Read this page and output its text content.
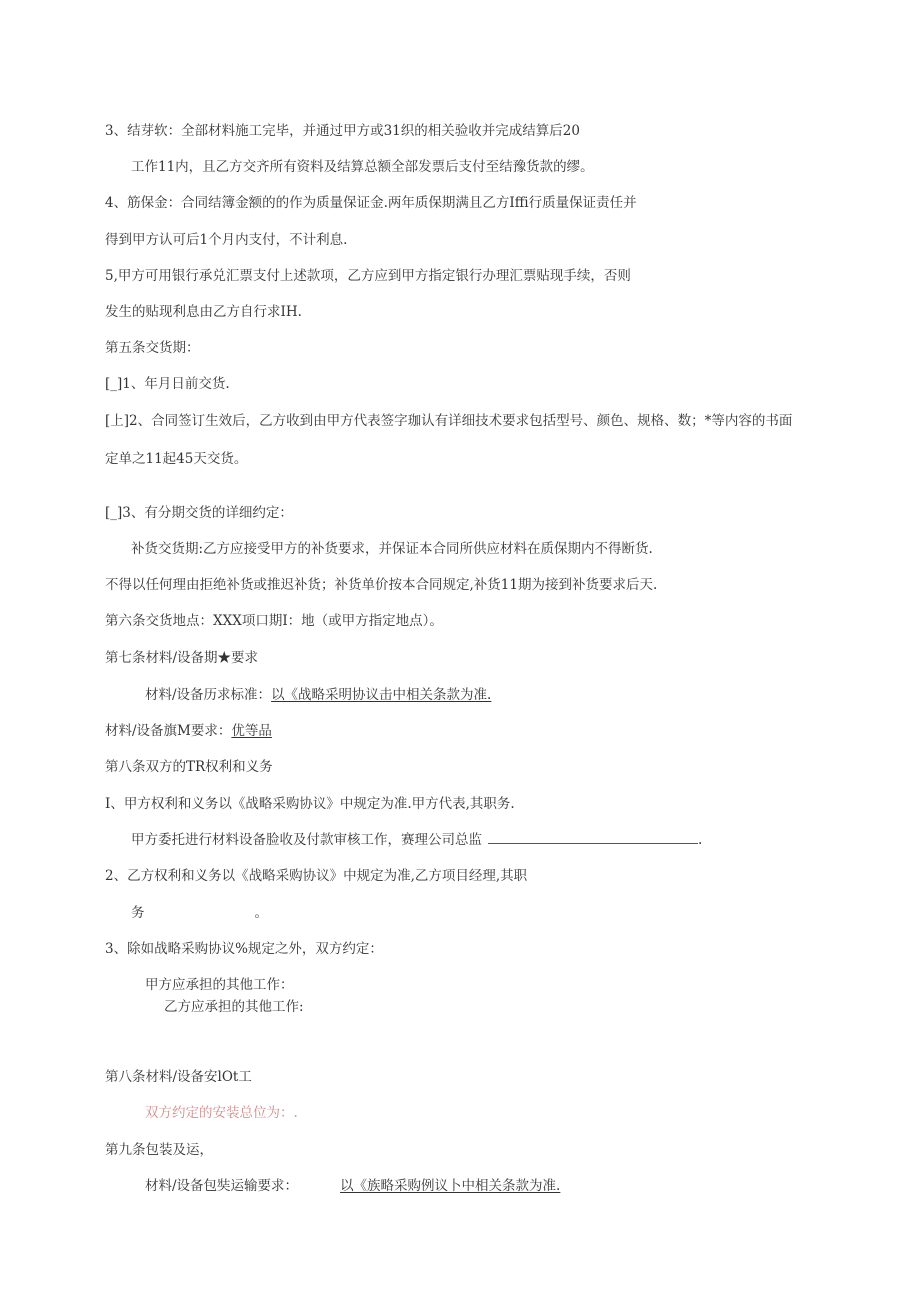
3、结芽软：全部材料施工完毕，并通过甲方或31织的相关验收并完成结算后20
工作11内，且乙方交齐所有资料及结算总额全部发票后支付至结豫货款的缪。
4、筋保金：合同结簿金额的的作为质量保证金.两年质保期满且乙方Iffi行质量保证责任并
得到甲方认可后1个月内支付，不计利息.
5,甲方可用银行承兑汇票支付上述款项，乙方应到甲方指定银行办理汇票贴现手续，否则
发生的贴现利息由乙方自行求IH.
第五条交货期：
[_]1、年月日前交货.
[上]2、合同签订生效后，乙方收到由甲方代表签字珈认有详细技术要求包括型号、颜色、规格、数；*等内容的书面
定单之11起45天交货。
[_]3、有分期交货的详细约定：
补货交货期:乙方应接受甲方的补货要求，并保证本合同所供应材料在质保期内不得断货.
不得以任何理由拒绝补货或推迟补货；补货单价按本合同规定,补货11期为接到补货要求后天.
第六条交货地点：XXX项口期I：地（或甲方指定地点）。
第七条材料/设备期★要求
材料/设备历求标准：以《战略采明协议击中相关条款为准.
材料/设备旗M要求：优等品
第八条双方的TR权利和义务
I、甲方权利和义务以《战略采购协议》中规定为准.甲方代表,其职务.
甲方委托进行材料设备脸收及付款审核工作，赛理公司总监	.
2、乙方权利和义务以《战略采购协议》中规定为准,乙方项目经理,其职
务	。
3、除如战略采购协议%规定之外，双方约定：
甲方应承担的其他工作：
乙方应承担的其他工作:
第八条材料/设备安lOt工
双方约定的安装总位为：.
第九条包装及运，
材料/设备包奘运输要求：	以《族略采购例议卜中相关条款为准.
